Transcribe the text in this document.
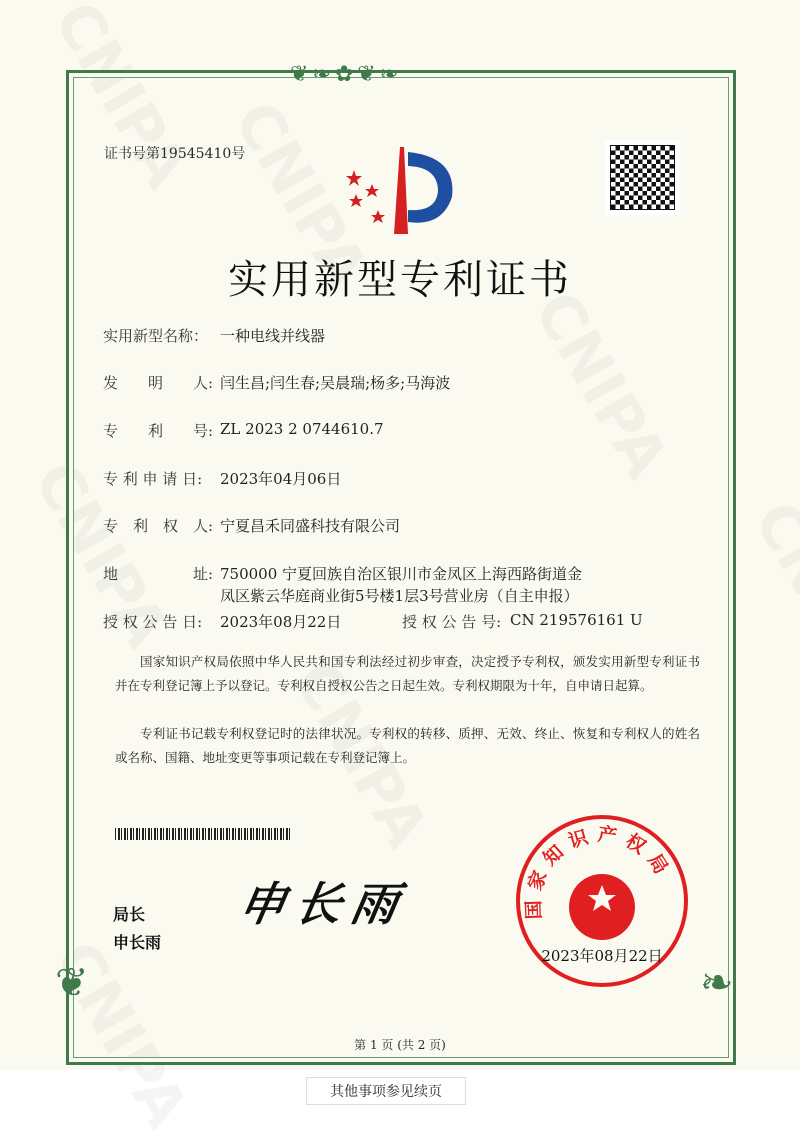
❦❧✿❦❧
❦	❧
证书号第19545410号
实用新型专利证书
实用新型名称： 一种电线并线器
发　　明　　人: 闫生昌;闫生春;吴晨瑞;杨多;马海波
专　　利　　号: ZL 2023 2 0744610.7
专 利 申 请 日: 2023年04月06日
专　利　权　人: 宁夏昌禾同盛科技有限公司
地　　　　　址: 750000 宁夏回族自治区银川市金凤区上海西路街道金
凤区紫云华庭商业街5号楼1层3号营业房（自主申报）
授 权 公 告 日: 2023年08月22日	授 权 公 告 号: CN 219576161 U
国家知识产权局依照中华人民共和国专利法经过初步审查，决定授予专利权，颁发实用新型专利证书并在专利登记簿上予以登记。专利权自授权公告之日起生效。专利权期限为十年，自申请日起算。
专利证书记载专利权登记时的法律状况。专利权的转移、质押、无效、终止、恢复和专利权人的姓名或名称、国籍、地址变更等事项记载在专利登记簿上。
局长
申长雨
申长雨	国家知识产权局
2023年08月22日
第 1 页 (共 2 页)
其他事项参见续页
